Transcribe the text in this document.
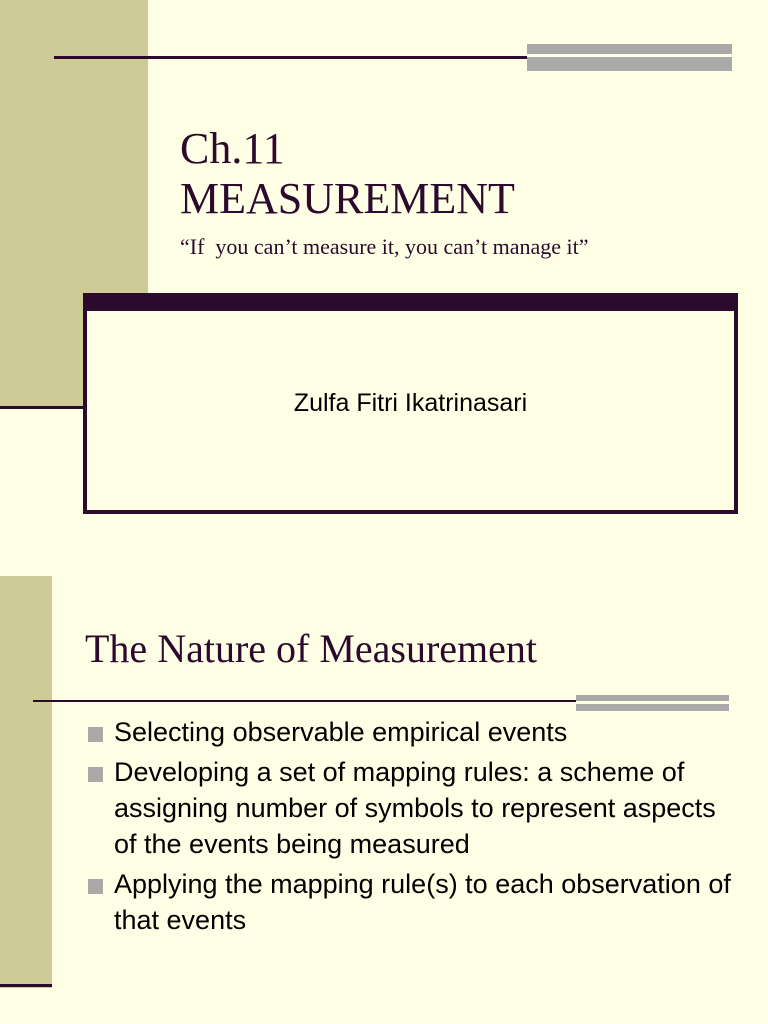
Ch.11
MEASUREMENT
“If  you can’t measure it, you can’t manage it”
Zulfa Fitri Ikatrinasari
The Nature of Measurement
Selecting observable empirical events
Developing a set of mapping rules: a scheme of assigning number of symbols to represent aspects of the events being measured
Applying the mapping rule(s) to each observation of that events
